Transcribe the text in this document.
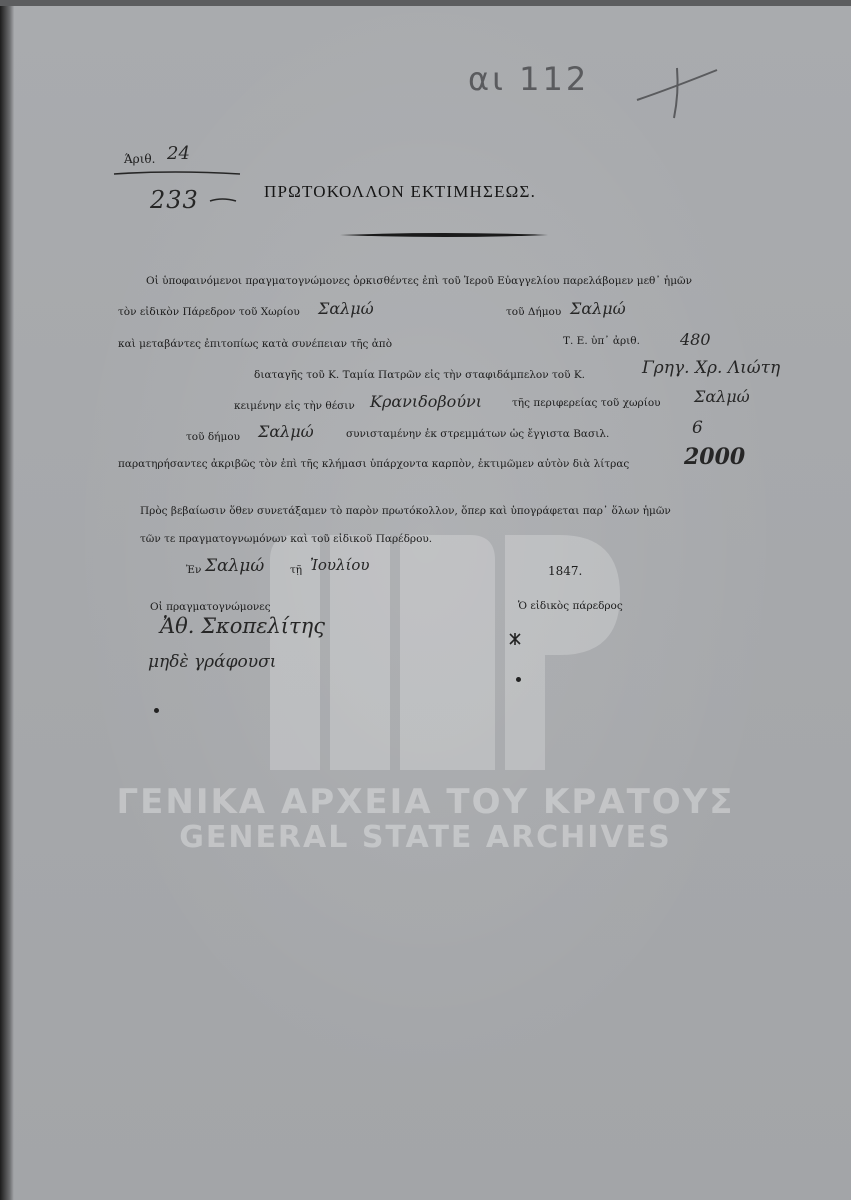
ΓΕΝΙΚΑ ΑΡΧΕΙΑ ΤΟΥ ΚΡΑΤΟΥΣ
GENERAL STATE ARCHIVES
αι 112
Άριθ. 24
233	ΠΡΩΤΟΚΟΛΛΟΝ ΕΚΤΙΜΗΣΕΩΣ.
Οἱ ὑποφαινόμενοι πραγματογνώμονες ὁρκισθέντες ἐπὶ τοῦ Ἱεροῦ Εὐαγγελίου παρελάβομεν μεθ᾽ ἡμῶν
τὸν εἰδικὸν Πάρεδρον τοῦ Χωρίου Σαλμώ	τοῦ Δήμου Σαλμώ
καὶ μεταβάντες ἐπιτοπίως κατὰ συνέπειαν τῆς ἀπὸ	Τ. Ε. ὑπ᾽ ἀριθ.	480
διαταγῆς τοῦ Κ. Ταμία Πατρῶν εἰς τὴν σταφιδάμπελον τοῦ Κ.	Γρηγ. Χρ. Λιώτη
κειμένην εἰς τὴν θέσιν Κρανιδοβούνι	τῆς περιφερείας τοῦ χωρίου Σαλμώ
τοῦ δήμου Σαλμώ	συνισταμένην ἐκ στρεμμάτων ὡς ἔγγιστα Βασιλ.	6
παρατηρήσαντες ἀκριβῶς τὸν ἐπὶ τῆς κλήμασι ὑπάρχοντα καρπὸν, ἐκτιμῶμεν αὐτὸν διὰ λίτρας 2000
Πρὸς βεβαίωσιν ὅθεν συνετάξαμεν τὸ παρὸν πρωτόκολλον, ὅπερ καὶ ὑπογράφεται παρ᾽ ὅλων ἡμῶν
τῶν τε πραγματογνωμόνων καὶ τοῦ εἰδικοῦ Παρέδρου.
Ἐν Σαλμώ τῇ Ἰουλίου	1847.
Οἱ πραγματογνώμονες	Ὁ εἰδικὸς πάρεδρος
Ἀθ. Σκοπελίτης
μηδὲ γράφουσι
